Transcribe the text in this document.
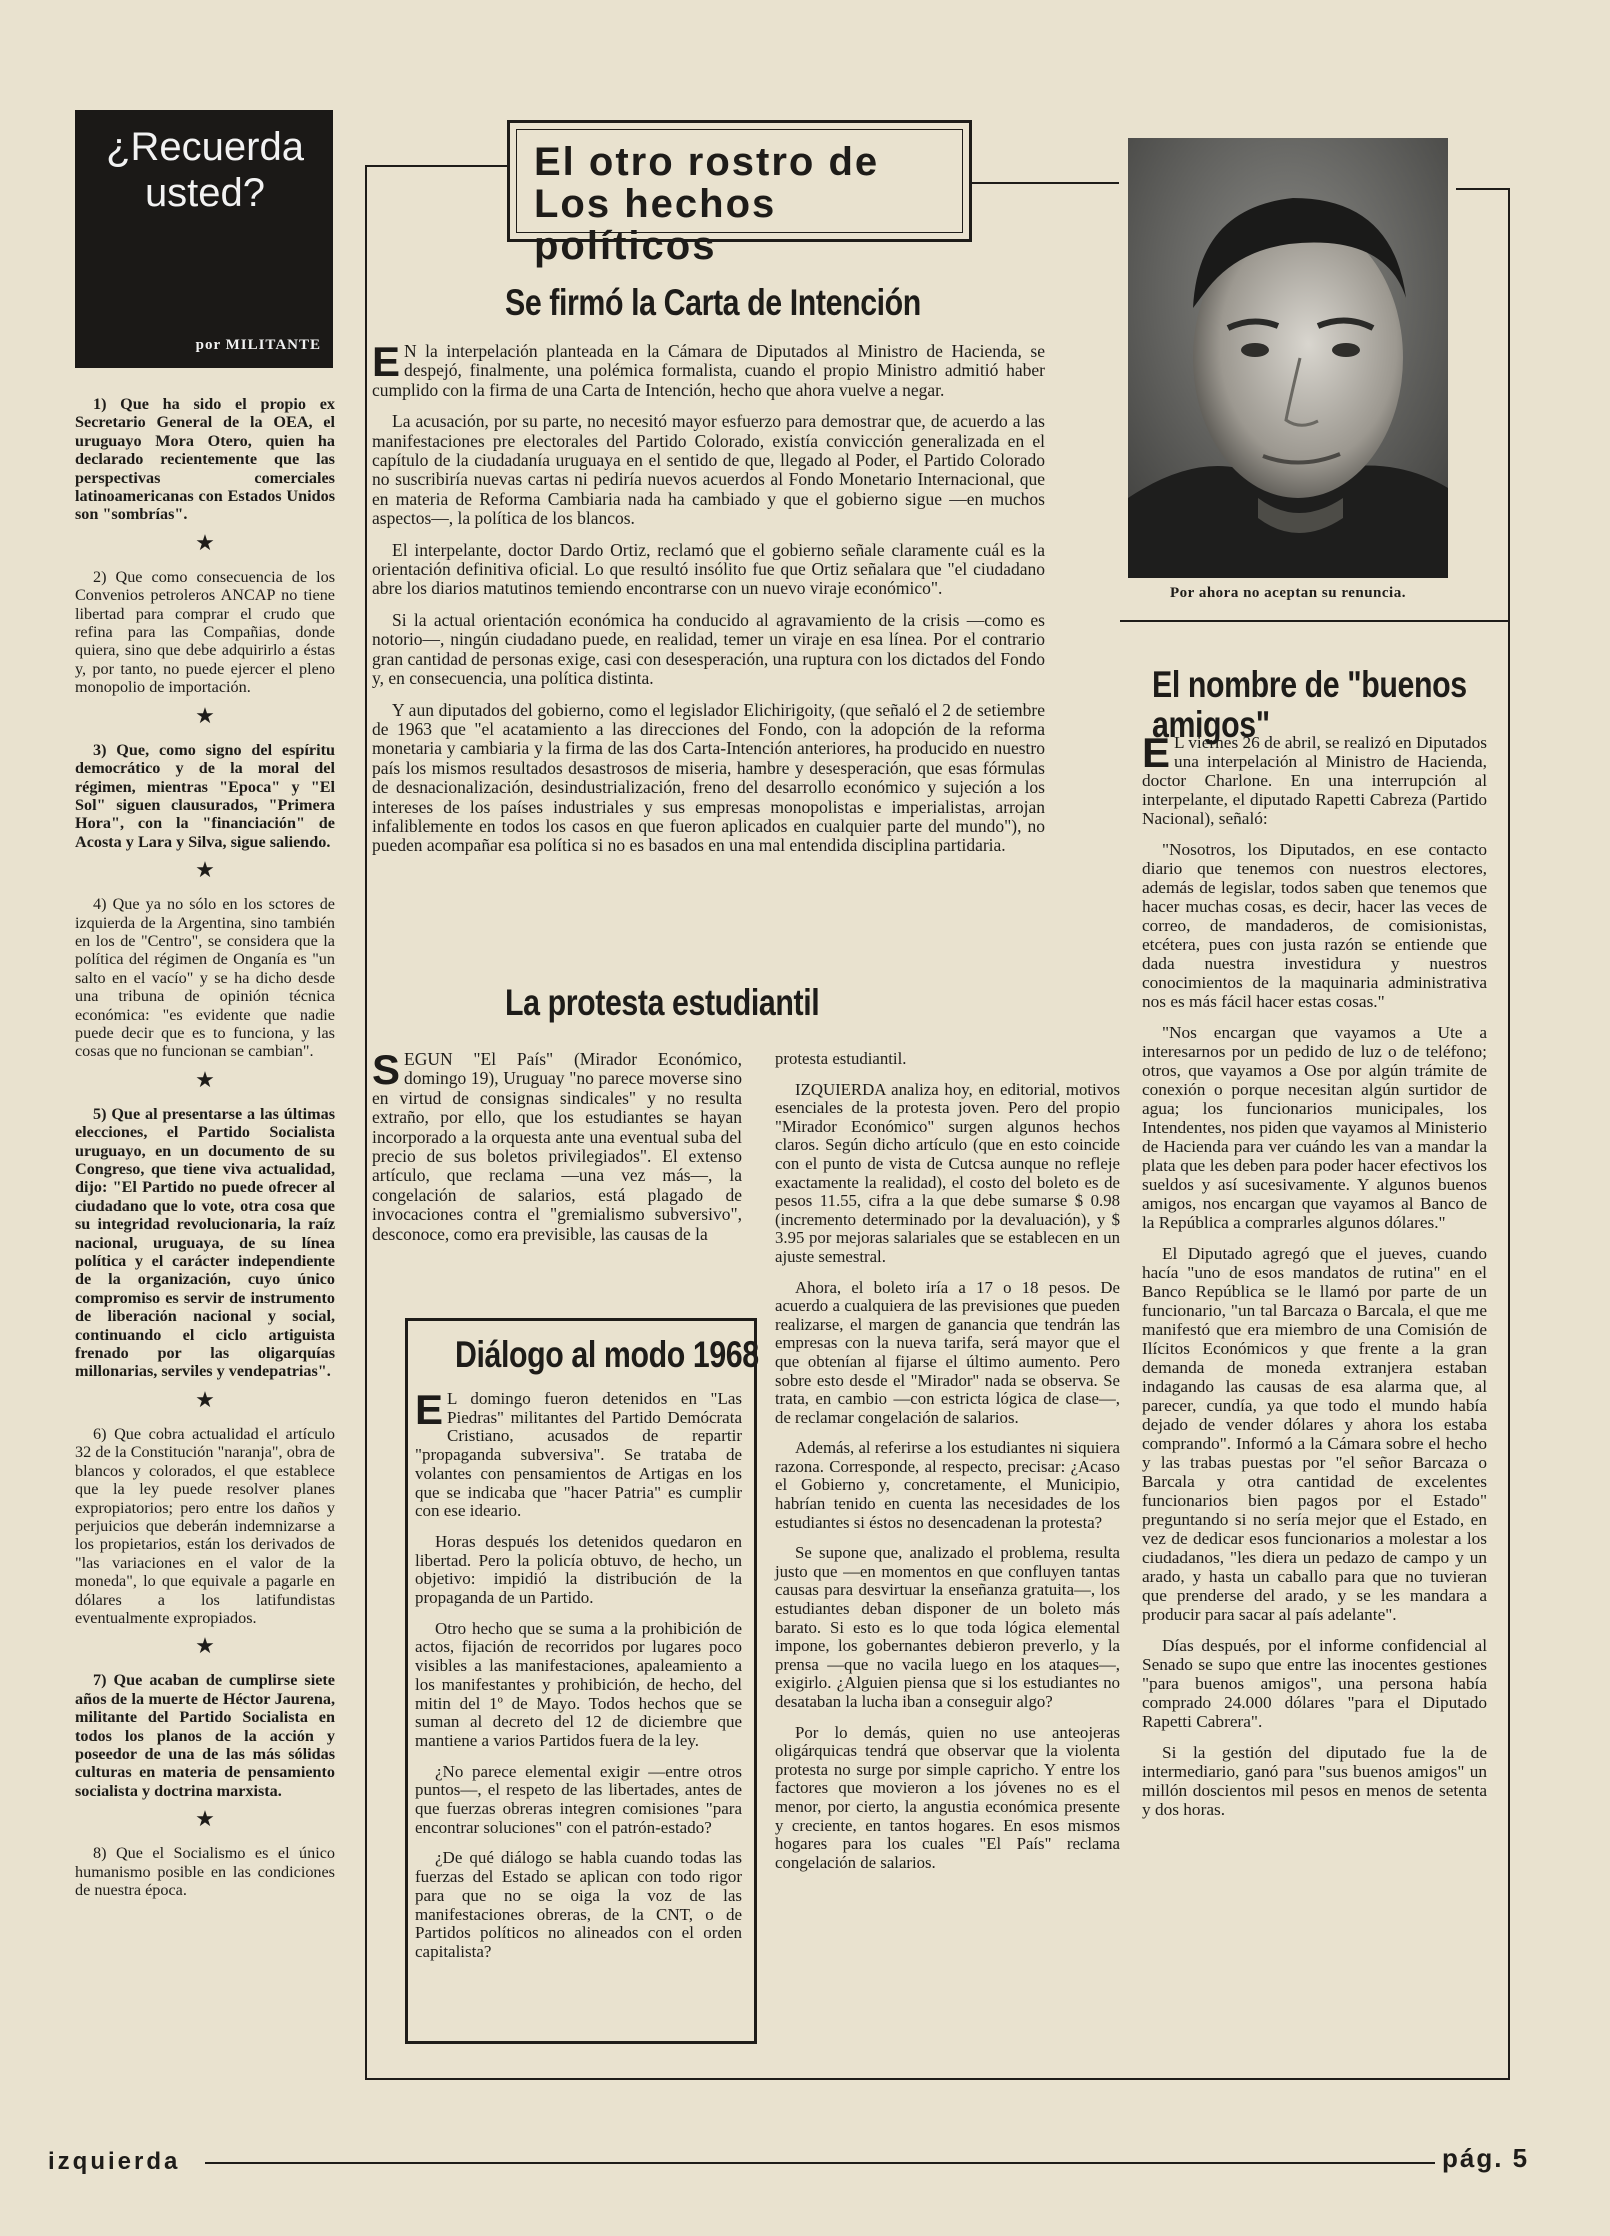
¿Recuerda
usted?
por MILITANTE

1) Que ha sido el propio ex Secretario General de la OEA, el uruguayo Mora Otero, quien ha declarado recientemente que las perspectivas comerciales latinoamericanas con Estados Unidos son "sombrías".

★

2) Que como consecuencia de los Convenios petroleros ANCAP no tiene libertad para comprar el crudo que refina para las Compañias, donde quiera, sino que debe adquirirlo a éstas y, por tanto, no puede ejercer el pleno monopolio de importación.

★

3) Que, como signo del espíritu democrático y de la moral del régimen, mientras "Epoca" y "El Sol" siguen clausurados, "Primera Hora", con la "financiación" de Acosta y Lara y Silva, sigue saliendo.

★

4) Que ya no sólo en los sctores de izquierda de la Argentina, sino también en los de "Centro", se considera que la política del régimen de Onganía es "un salto en el vacío" y se ha dicho desde una tribuna de opinión técnica económica: "es evidente que nadie puede decir que es to funciona, y las cosas que no funcionan se cambian".

★

5) Que al presentarse a las últimas elecciones, el Partido Socialista uruguayo, en un documento de su Congreso, que tiene viva actualidad, dijo: "El Partido no puede ofrecer al ciudadano que lo vote, otra cosa que su integridad revolucionaria, la raíz nacional, uruguaya, de su línea política y el carácter independiente de la organización, cuyo único compromiso es servir de instrumento de liberación nacional y social, continuando el ciclo artiguista frenado por las oligarquías millonarias, serviles y vendepatrias".

★

6) Que cobra actualidad el artículo 32 de la Constitución "naranja", obra de blancos y colorados, el que establece que la ley puede resolver planes expropiatorios; pero entre los daños y perjuicios que deberán indemnizarse a los propietarios, están los derivados de "las variaciones en el valor de la moneda", lo que equivale a pagarle en dólares a los latifundistas eventualmente expropiados.

★

7) Que acaban de cumplirse siete años de la muerte de Héctor Jaurena, militante del Partido Socialista en todos los planos de la acción y poseedor de una de las más sólidas culturas en materia de pensamiento socialista y doctrina marxista.

★

8) Que el Socialismo es el único humanismo posible en las condiciones de nuestra época.

El otro rostro de
Los hechos políticos
Se firmó la Carta de Intención

E N la interpelación planteada en la Cámara de Diputados al Ministro de Hacienda, se despejó, finalmente, una polémica formalista, cuando el propio Ministro admitió haber cumplido con la firma de una Carta de Intención, hecho que ahora vuelve a negar.

La acusación, por su parte, no necesitó mayor esfuerzo para demostrar que, de acuerdo a las manifestaciones pre electorales del Partido Colorado, existía convicción generalizada en el capítulo de la ciudadanía uruguaya en el sentido de que, llegado al Poder, el Partido Colorado no suscribiría nuevas cartas ni pediría nuevos acuerdos al Fondo Monetario Internacional, que en materia de Reforma Cambiaria nada ha cambiado y que el gobierno sigue —en muchos aspectos—, la política de los blancos.

El interpelante, doctor Dardo Ortiz, reclamó que el gobierno señale claramente cuál es la orientación definitiva oficial. Lo que resultó insólito fue que Ortiz señalara que "el ciudadano abre los diarios matutinos temiendo encontrarse con un nuevo viraje económico".

Si la actual orientación económica ha conducido al agravamiento de la crisis —como es notorio—, ningún ciudadano puede, en realidad, temer un viraje en esa línea. Por el contrario gran cantidad de personas exige, casi con desesperación, una ruptura con los dictados del Fondo y, en consecuencia, una política distinta.

Y aun diputados del gobierno, como el legislador Elichirigoity, (que señaló el 2 de setiembre de 1963 que "el acatamiento a las direcciones del Fondo, con la adopción de la reforma monetaria y cambiaria y la firma de las dos Carta-Intención anteriores, ha producido en nuestro país los mismos resultados desastrosos de miseria, hambre y desesperación, que esas fórmulas de desnacionalización, desindustrialización, freno del desarrollo económico y sujeción a los intereses de los países industriales y sus empresas monopolistas e imperialistas, arrojan infaliblemente en todos los casos en que fueron aplicados en cualquier parte del mundo"), no pueden acompañar esa política si no es basados en una mal entendida disciplina partidaria.

La protesta estudiantil

SEGUN "El País" (Mirador Económico, domingo 19), Uruguay "no parece moverse sino en virtud de consignas sindicales" y no resulta extraño, por ello, que los estudiantes se hayan incorporado a la orquesta ante una eventual suba del precio de sus boletos privilegiados". El extenso artículo, que reclama —una vez más—, la congelación de salarios, está plagado de invocaciones contra el "gremialismo subversivo", desconoce, como era previsible, las causas de la

protesta estudiantil.

IZQUIERDA analiza hoy, en editorial, motivos esenciales de la protesta joven. Pero del propio "Mirador Económico" surgen algunos hechos claros. Según dicho artículo (que en esto coincide con el punto de vista de Cutcsa aunque no refleje exactamente la realidad), el costo del boleto es de pesos 11.55, cifra a la que debe sumarse $ 0.98 (incremento determinado por la devaluación), y $ 3.95 por mejoras salariales que se establecen en un ajuste semestral.

Ahora, el boleto iría a 17 o 18 pesos. De acuerdo a cualquiera de las previsiones que pueden realizarse, el margen de ganancia que tendrán las empresas con la nueva tarifa, será mayor que el que obtenían al fijarse el último aumento. Pero sobre esto desde el "Mirador" nada se observa. Se trata, en cambio —con estricta lógica de clase—, de reclamar congelación de salarios.

Además, al referirse a los estudiantes ni siquiera razona. Corresponde, al respecto, precisar: ¿Acaso el Gobierno y, concretamente, el Municipio, habrían tenido en cuenta las necesidades de los estudiantes si éstos no desencadenan la protesta?

Se supone que, analizado el problema, resulta justo que —en momentos en que confluyen tantas causas para desvirtuar la enseñanza gratuita—, los estudiantes deban disponer de un boleto más barato. Si esto es lo que toda lógica elemental impone, los gobernantes debieron preverlo, y la prensa —que no vacila luego en los ataques—, exigirlo. ¿Alguien piensa que si los estudiantes no desataban la lucha iban a conseguir algo?

Por lo demás, quien no use anteojeras oligárquicas tendrá que observar que la violenta protesta no surge por simple capricho. Y entre los factores que movieron a los jóvenes no es el menor, por cierto, la angustia económica presente y creciente, en tantos hogares. En esos mismos hogares para los cuales "El País" reclama congelación de salarios.

Diálogo al modo 1968

E L domingo fueron detenidos en "Las Piedras" militantes del Partido Demócrata Cristiano, acusados de repartir "propaganda subversiva". Se trataba de volantes con pensamientos de Artigas en los que se indicaba que "hacer Patria" es cumplir con ese ideario.

Horas después los detenidos quedaron en libertad. Pero la policía obtuvo, de hecho, un objetivo: impidió la distribución de la propaganda de un Partido.

Otro hecho que se suma a la prohibición de actos, fijación de recorridos por lugares poco visibles a las manifestaciones, apaleamiento a los manifestantes y prohibición, de hecho, del mitin del 1º de Mayo. Todos hechos que se suman al decreto del 12 de diciembre que mantiene a varios Partidos fuera de la ley.

¿No parece elemental exigir —entre otros puntos—, el respeto de las libertades, antes de que fuerzas obreras integren comisiones "para encontrar soluciones" con el patrón-estado?

¿De qué diálogo se habla cuando todas las fuerzas del Estado se aplican con todo rigor para que no se oiga la voz de las manifestaciones obreras, de la CNT, o de Partidos políticos no alineados con el orden capitalista?

Por ahora no aceptan su renuncia.
El nombre de "buenos amigos"

E L viernes 26 de abril, se realizó en Diputados una interpelación al Ministro de Hacienda, doctor Charlone. En una interrupción al interpelante, el diputado Rapetti Cabreza (Partido Nacional), señaló:

"Nosotros, los Diputados, en ese contacto diario que tenemos con nuestros electores, además de legislar, todos saben que tenemos que hacer muchas cosas, es decir, hacer las veces de correo, de mandaderos, de comisionistas, etcétera, pues con justa razón se entiende que dada nuestra investidura y nuestros conocimientos de la maquinaria administrativa nos es más fácil hacer estas cosas."

"Nos encargan que vayamos a Ute a interesarnos por un pedido de luz o de teléfono; otros, que vayamos a Ose por algún trámite de conexión o porque necesitan algún surtidor de agua; los funcionarios municipales, los Intendentes, nos piden que vayamos al Ministerio de Hacienda para ver cuándo les van a mandar la plata que les deben para poder hacer efectivos los sueldos y así sucesivamente. Y algunos buenos amigos, nos encargan que vayamos al Banco de la República a comprarles algunos dólares."

El Diputado agregó que el jueves, cuando hacía "uno de esos mandatos de rutina" en el Banco República se le llamó por parte de un funcionario, "un tal Barcaza o Barcala, el que me manifestó que era miembro de una Comisión de Ilícitos Económicos y que frente a la gran demanda de moneda extranjera estaban indagando las causas de esa alarma que, al parecer, cundía, ya que todo el mundo había dejado de vender dólares y ahora los estaba comprando". Informó a la Cámara sobre el hecho y las trabas puestas por "el señor Barcaza o Barcala y otra cantidad de excelentes funcionarios bien pagos por el Estado" preguntando si no sería mejor que el Estado, en vez de dedicar esos funcionarios a molestar a los ciudadanos, "les diera un pedazo de campo y un arado, y hasta un caballo para que no tuvieran que prenderse del arado, y se les mandara a producir para sacar al país adelante".

Días después, por el informe confidencial al Senado se supo que entre las inocentes gestiones "para buenos amigos", una persona había comprado 24.000 dólares "para el Diputado Rapetti Cabrera".

Si la gestión del diputado fue la de intermediario, ganó para "sus buenos amigos" un millón doscientos mil pesos en menos de setenta y dos horas.

izquierda	pág. 5
